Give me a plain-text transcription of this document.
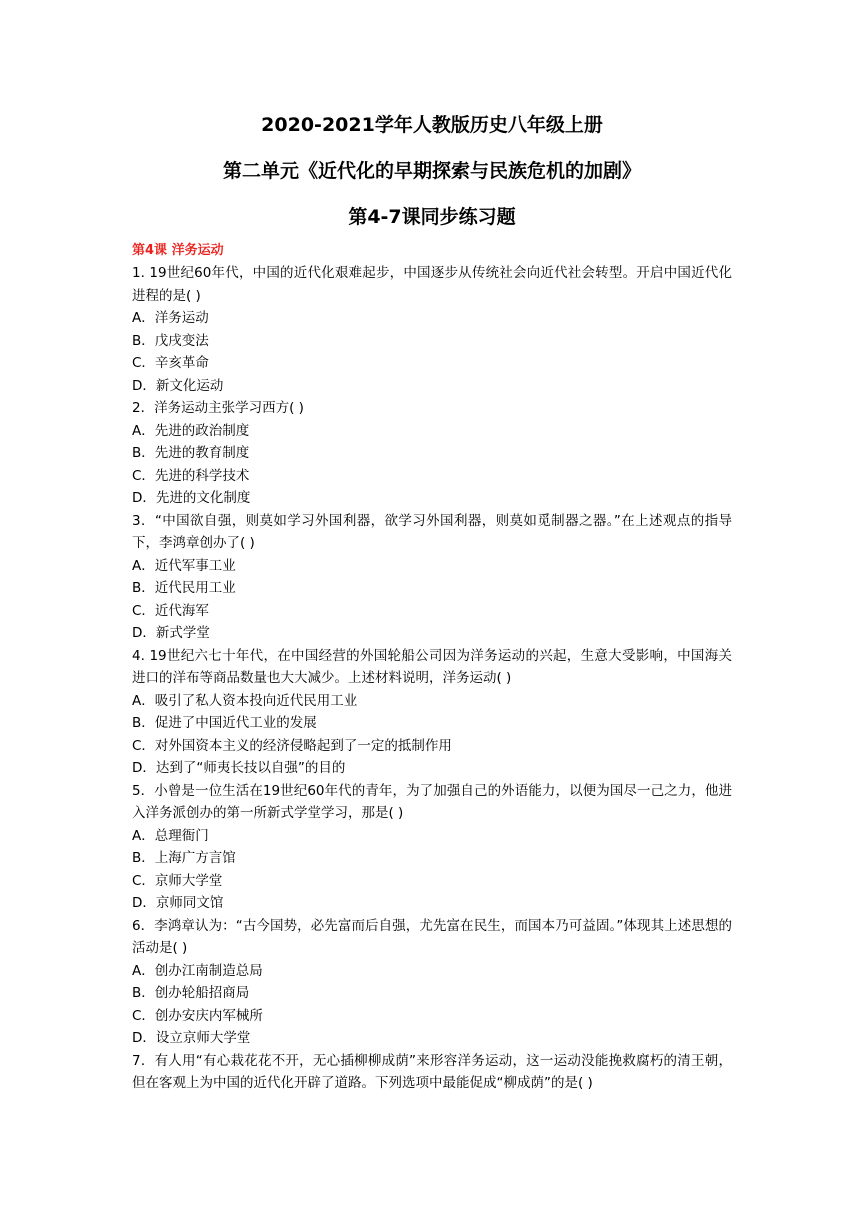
2020-2021学年人教版历史八年级上册
第二单元《近代化的早期探索与民族危机的加剧》
第4-7课同步练习题
第4课 洋务运动

1. 19世纪60年代，中国的近代化艰难起步，中国逐步从传统社会向近代社会转型。开启中国近代化进程的是( )

A．洋务运动

B．戊戌变法

C．辛亥革命

D．新文化运动

2．洋务运动主张学习西方( )

A．先进的政治制度

B．先进的教育制度

C．先进的科学技术

D．先进的文化制度

3．“中国欲自强，则莫如学习外国利器，欲学习外国利器，则莫如觅制器之器。”在上述观点的指导下，李鸿章创办了( )

A．近代军事工业

B．近代民用工业

C．近代海军

D．新式学堂

4. 19世纪六七十年代，在中国经营的外国轮船公司因为洋务运动的兴起，生意大受影响，中国海关进口的洋布等商品数量也大大减少。上述材料说明，洋务运动( )

A．吸引了私人资本投向近代民用工业

B．促进了中国近代工业的发展

C．对外国资本主义的经济侵略起到了一定的抵制作用

D．达到了“师夷长技以自强”的目的

5．小曾是一位生活在19世纪60年代的青年，为了加强自己的外语能力，以便为国尽一己之力，他进入洋务派创办的第一所新式学堂学习，那是( )

A．总理衙门

B．上海广方言馆

C．京师大学堂

D．京师同文馆

6．李鸿章认为：“古今国势，必先富而后自强，尤先富在民生，而国本乃可益固。”体现其上述思想的活动是( )

A．创办江南制造总局

B．创办轮船招商局

C．创办安庆内军械所

D．设立京师大学堂

7．有人用“有心栽花花不开，无心插柳柳成荫”来形容洋务运动，这一运动没能挽救腐朽的清王朝，但在客观上为中国的近代化开辟了道路。下列选项中最能促成“柳成荫”的是( )
